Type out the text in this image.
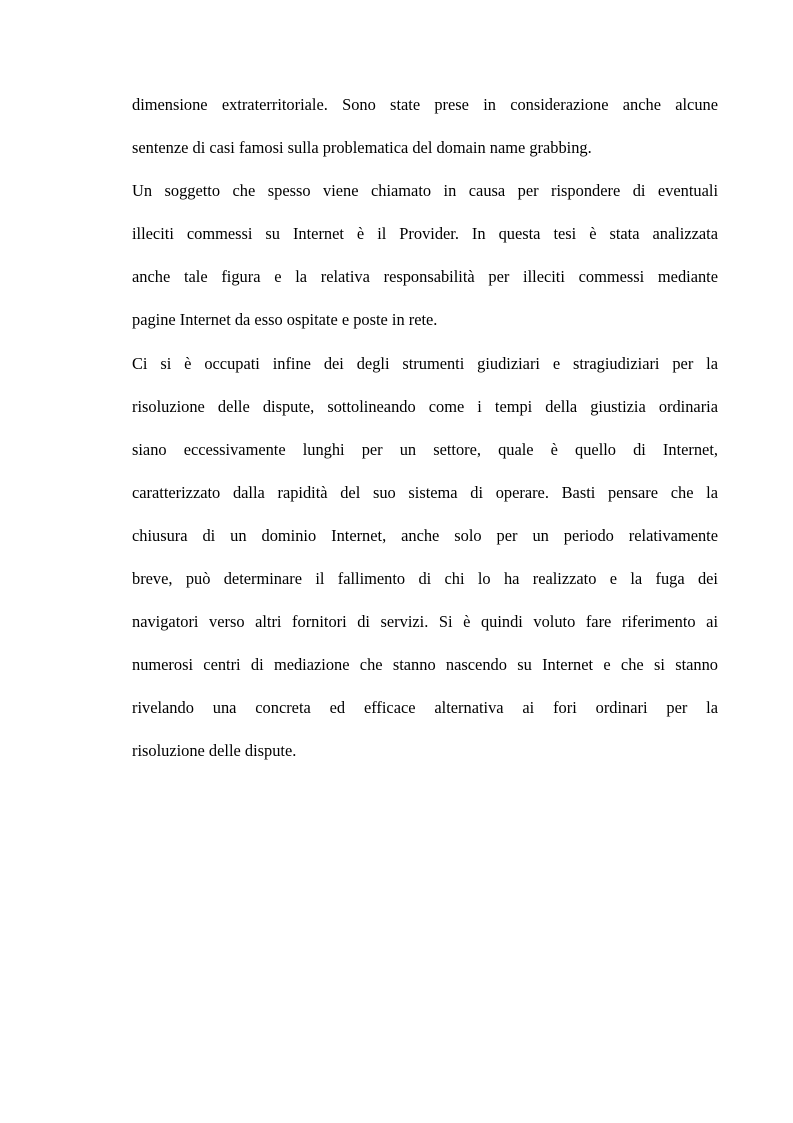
dimensione extraterritoriale. Sono state prese in considerazione anche alcune
sentenze di casi famosi sulla problematica del domain name grabbing.
Un soggetto che spesso viene chiamato in causa per rispondere di eventuali
illeciti commessi su Internet è il Provider. In questa tesi è stata analizzata
anche tale figura e la relativa responsabilità per illeciti commessi mediante
pagine Internet da esso ospitate e poste in rete.
Ci si è occupati infine dei degli strumenti giudiziari e stragiudiziari per la
risoluzione delle dispute, sottolineando come i tempi della giustizia ordinaria
siano eccessivamente lunghi per un settore, quale è quello di Internet,
caratterizzato dalla rapidità del suo sistema di operare. Basti pensare che la
chiusura di un dominio Internet, anche solo per un periodo relativamente
breve, può determinare il fallimento di chi lo ha realizzato e la fuga dei
navigatori verso altri fornitori di servizi. Si è quindi voluto fare riferimento ai
numerosi centri di mediazione che stanno nascendo su Internet e che si stanno
rivelando una concreta ed efficace alternativa ai fori ordinari per la
risoluzione delle dispute.
